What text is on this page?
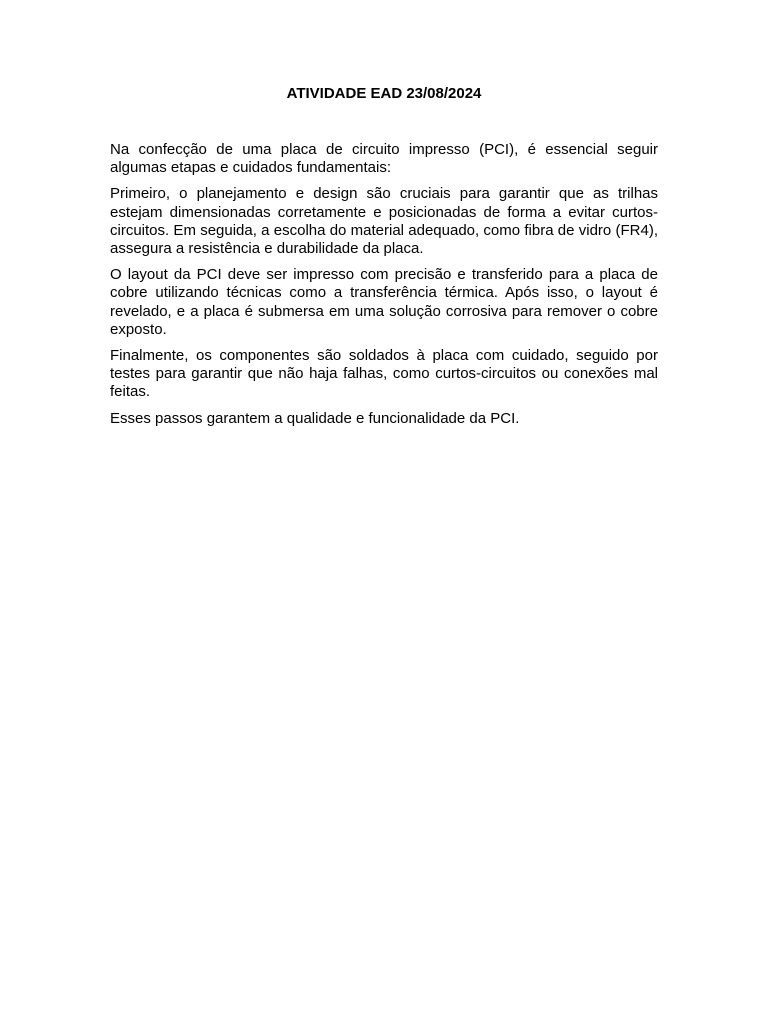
ATIVIDADE EAD 23/08/2024

Na confecção de uma placa de circuito impresso (PCI), é essencial seguir algumas etapas e cuidados fundamentais:

Primeiro, o planejamento e design são cruciais para garantir que as trilhas estejam dimensionadas corretamente e posicionadas de forma a evitar curtos-circuitos. Em seguida, a escolha do material adequado, como fibra de vidro (FR4), assegura a resistência e durabilidade da placa.

O layout da PCI deve ser impresso com precisão e transferido para a placa de cobre utilizando técnicas como a transferência térmica. Após isso, o layout é revelado, e a placa é submersa em uma solução corrosiva para remover o cobre exposto.

Finalmente, os componentes são soldados à placa com cuidado, seguido por testes para garantir que não haja falhas, como curtos-circuitos ou conexões mal feitas.

Esses passos garantem a qualidade e funcionalidade da PCI.
